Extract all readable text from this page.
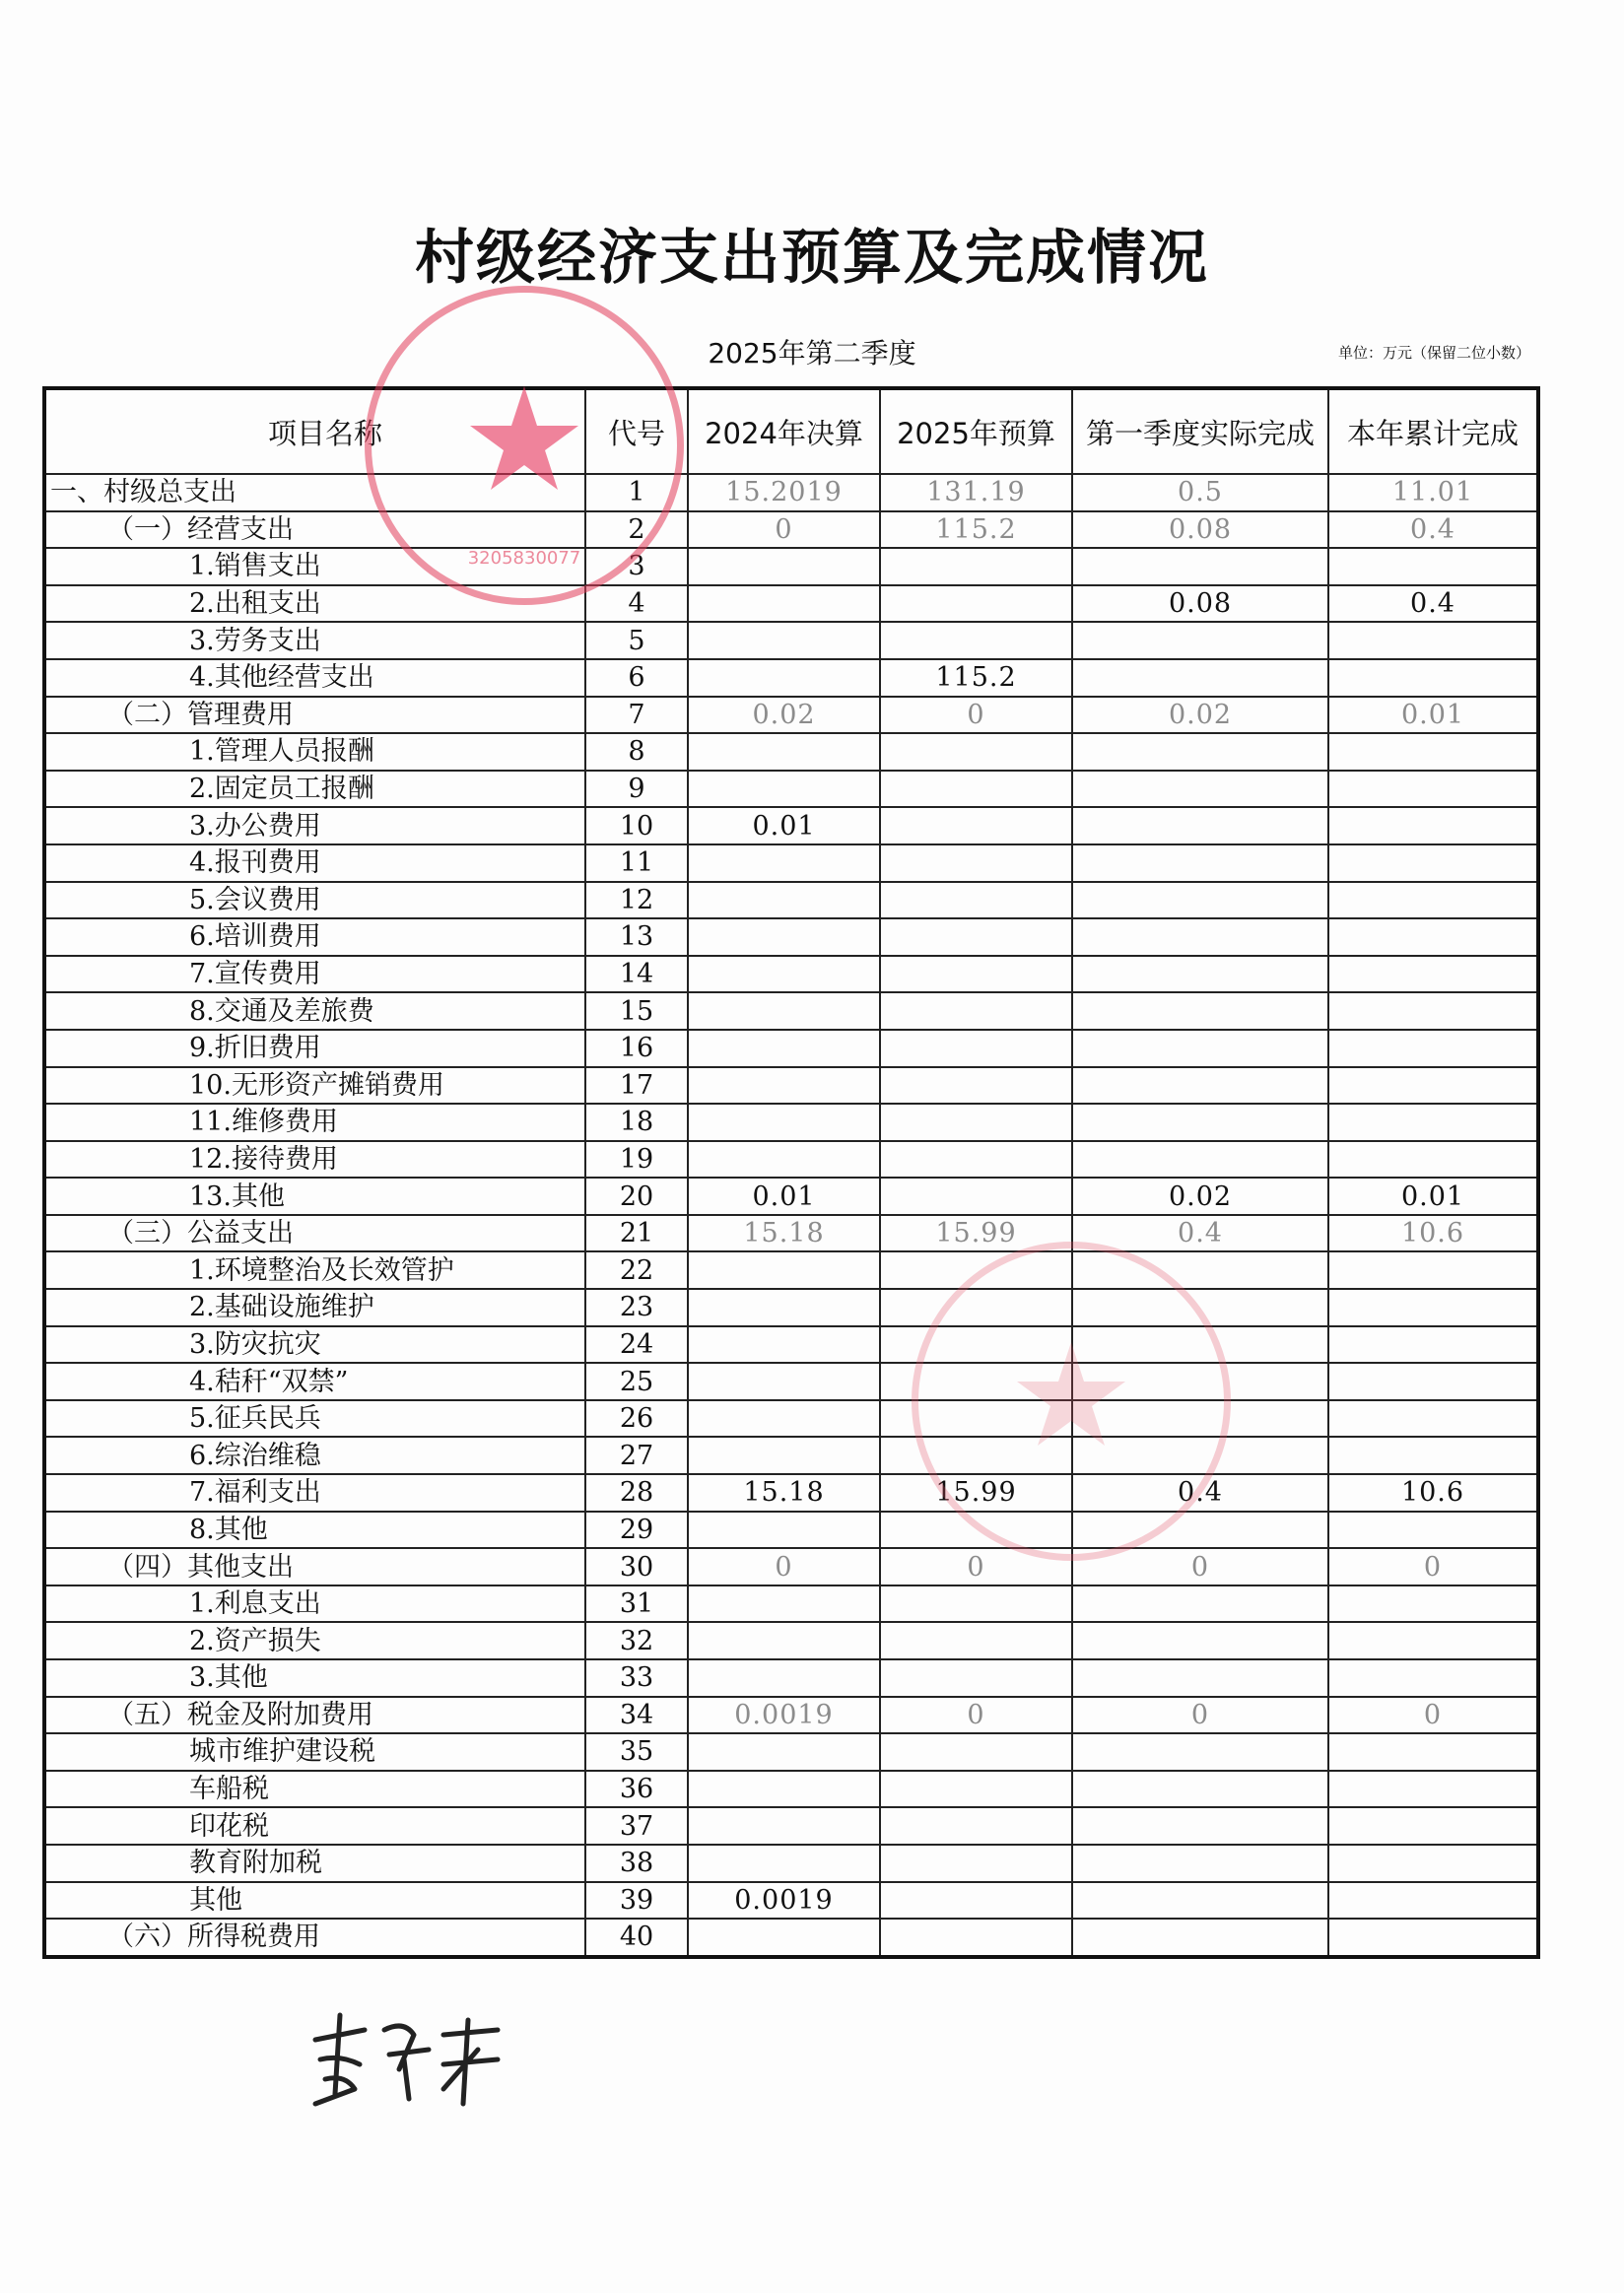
村级经济支出预算及完成情况
2025年第二季度	单位：万元（保留二位小数）
项目名称	代号	2024年决算	2025年预算	第一季度实际完成	本年累计完成
一、村级总支出	1	15.2019	131.19	0.5	11.01
（一）经营支出	2	0	115.2	0.08	0.4
1.销售支出	3				
2.出租支出	4			0.08	0.4
3.劳务支出	5				
4.其他经营支出	6		115.2		
（二）管理费用	7	0.02	0	0.02	0.01
1.管理人员报酬	8				
2.固定员工报酬	9				
3.办公费用	10	0.01			
4.报刊费用	11				
5.会议费用	12				
6.培训费用	13				
7.宣传费用	14				
8.交通及差旅费	15				
9.折旧费用	16				
10.无形资产摊销费用	17				
11.维修费用	18				
12.接待费用	19				
13.其他	20	0.01		0.02	0.01
（三）公益支出	21	15.18	15.99	0.4	10.6
1.环境整治及长效管护	22				
2.基础设施维护	23				
3.防灾抗灾	24				
4.秸秆“双禁”	25				
5.征兵民兵	26				
6.综治维稳	27				
7.福利支出	28	15.18	15.99	0.4	10.6
8.其他	29				
（四）其他支出	30	0	0	0	0
1.利息支出	31				
2.资产损失	32				
3.其他	33				
（五）税金及附加费用	34	0.0019	0	0	0
城市维护建设税	35				
车船税	36				
印花税	37				
教育附加税	38				
其他	39	0.0019			
（六）所得税费用	40				
3205830077
